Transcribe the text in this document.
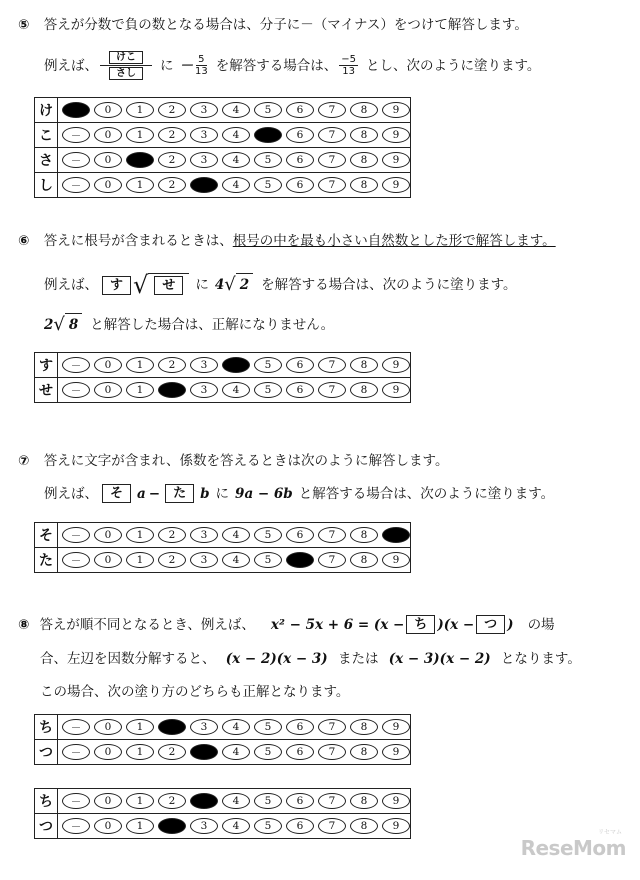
⑤ 答えが分数で負の数となる場合は、分子に－（マイナス）をつけて解答します。
例えば、 $\frac{\text{けこ}}{\text{さし}}$ に － $\frac{5}{13}$ を解答する場合は、 $\frac{-5}{13}$ とし、次のように塗ります。
け	－	0	1	2	3	4	5	6	7	8	9
こ	－	0	1	2	3	4	5	6	7	8	9
さ	－	0	1	2	3	4	5	6	7	8	9
し	－	0	1	2	3	4	5	6	7	8	9
⑥ 答えに根号が含まれるときは、根号の中を最も小さい自然数とした形で解答します。
例えば、 す √	せ	に 4 √ 2 を解答する場合は、次のように塗ります。
2 √ 8 と解答した場合は、正解になりません。
す	－	0	1	2	3	4	5	6	7	8	9
せ	－	0	1	2	3	4	5	6	7	8	9
⑦ 答えに文字が含まれ、係数を答えるときは次のように解答します。
例えば、 そ	a −	た	b に 9a − 6b と解答する場合は、次のように塗ります。
そ	－	0	1	2	3	4	5	6	7	8	9
た	－	0	1	2	3	4	5	6	7	8	9
⑧ 答えが順不同となるとき、例えば、 x² − 5x + 6 = (x − ち )(x − つ ) の場
合、左辺を因数分解すると、 (x − 2)(x − 3) または (x − 3)(x − 2) となります。
この場合、次の塗り方のどちらも正解となります。
ち	－	0	1	2	3	4	5	6	7	8	9
つ	－	0	1	2	3	4	5	6	7	8	9
ち	－	0	1	2	3	4	5	6	7	8	9
つ	－	0	1	2	3	4	5	6	7	8	9
リセマム
ReseMom
